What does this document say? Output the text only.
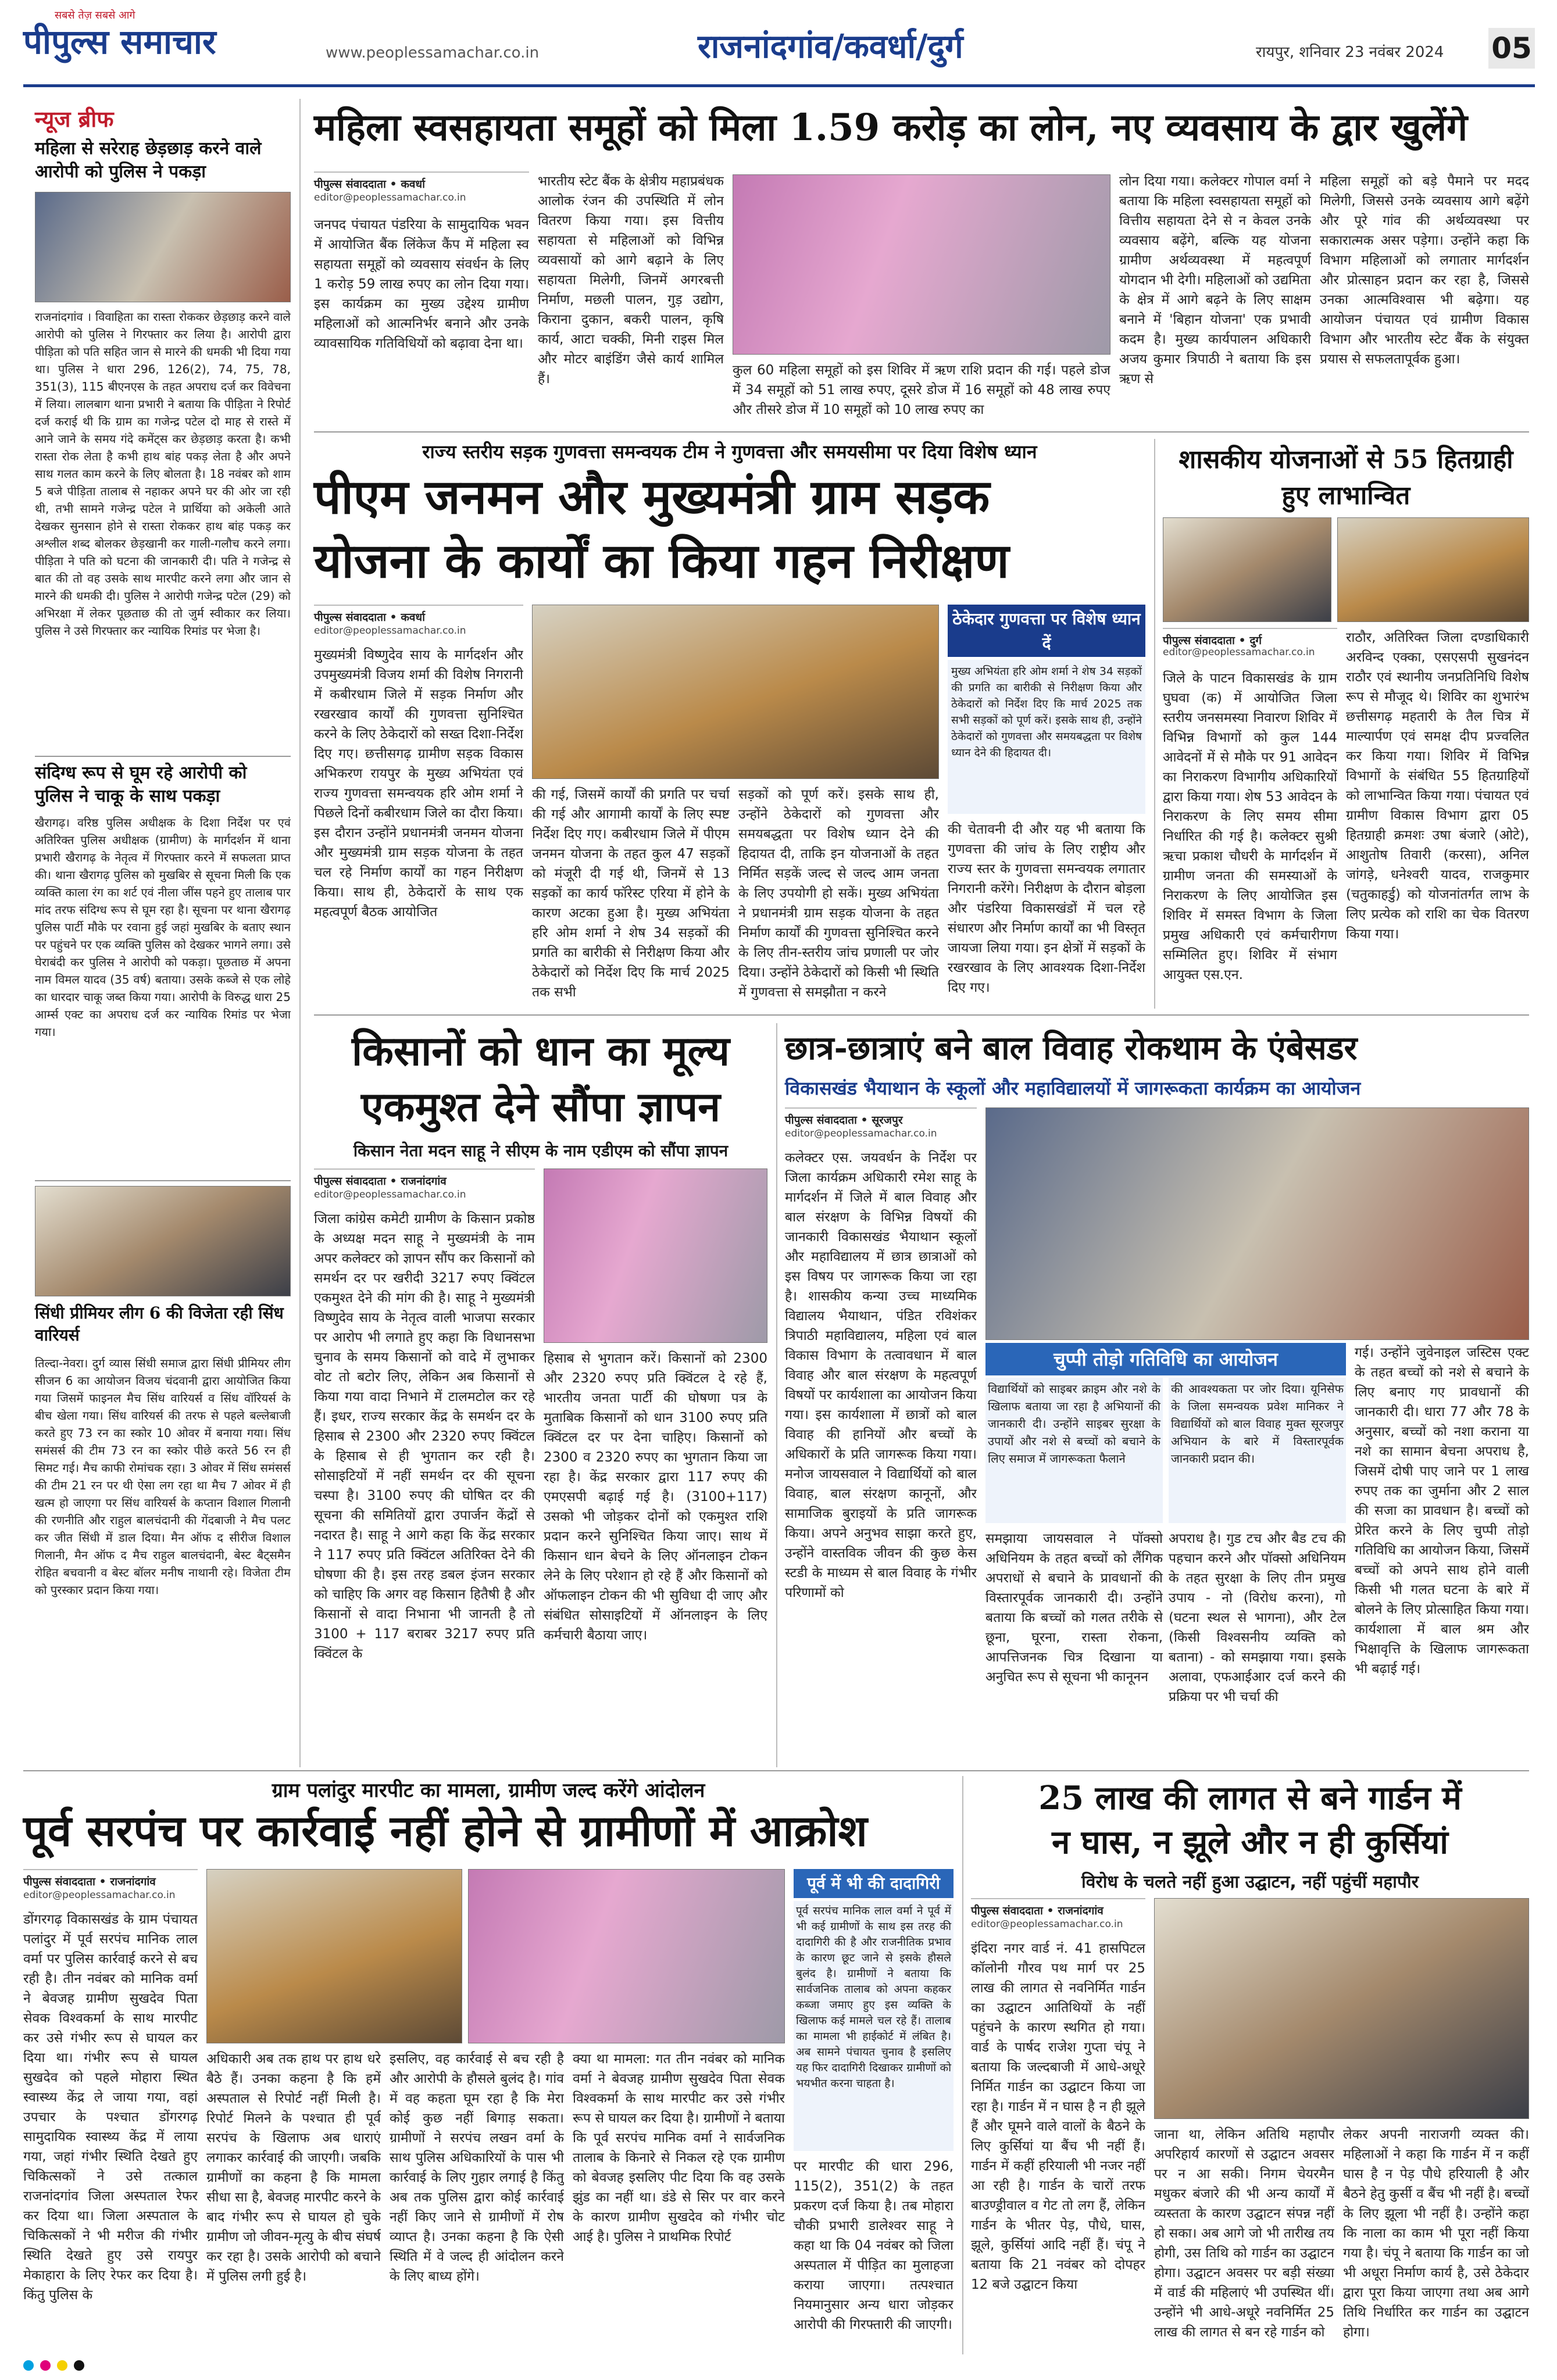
सबसे तेज़ सबसे आगे
पीपुल्स समाचार	www.peoplessamachar.co.in	राजनांदगांव/कवर्धा/दुर्ग	रायपुर, शनिवार 23 नवंबर 2024 05
न्यूज ब्रीफ
महिला से सरेराह छेड़छाड़ करने वाले आरोपी को पुलिस ने पकड़ा
राजनांदगांव । विवाहिता का रास्ता रोककर छेड़छाड़ करने वाले आरोपी को पुलिस ने गिरफ्तार कर लिया है। आरोपी द्वारा पीड़िता को पति सहित जान से मारने की धमकी भी दिया गया था। पुलिस ने धारा 296, 126(2), 74, 75, 78, 351(3), 115 बीएनएस के तहत अपराध दर्ज कर विवेचना में लिया। लालबाग थाना प्रभारी ने बताया कि पीड़िता ने रिपोर्ट दर्ज कराई थी कि ग्राम का गजेन्द्र पटेल दो माह से रास्ते में आने जाने के समय गंदे कमेंट्स कर छेड़छाड़ करता है। कभी रास्ता रोक लेता है कभी हाथ बांह पकड़ लेता है और अपने साथ गलत काम करने के लिए बोलता है। 18 नवंबर को शाम 5 बजे पीड़िता तालाब से नहाकर अपने घर की ओर जा रही थी, तभी सामने गजेन्द्र पटेल ने प्रार्थिया को अकेली आते देखकर सुनसान होने से रास्ता रोककर हाथ बांह पकड़ कर अश्लील शब्द बोलकर छेड़खानी कर गाली-गलौच करने लगा। पीड़िता ने पति को घटना की जानकारी दी। पति ने गजेन्द्र से बात की तो वह उसके साथ मारपीट करने लगा और जान से मारने की धमकी दी। पुलिस ने आरोपी गजेन्द्र पटेल (29) को अभिरक्षा में लेकर पूछताछ की तो जुर्म स्वीकार कर लिया। पुलिस ने उसे गिरफ्तार कर न्यायिक रिमांड पर भेजा है।
संदिग्ध रूप से घूम रहे आरोपी को पुलिस ने चाकू के साथ पकड़ा
खैरागढ़। वरिष्ठ पुलिस अधीक्षक के दिशा निर्देश पर एवं अतिरिक्त पुलिस अधीक्षक (ग्रामीण) के मार्गदर्शन में थाना प्रभारी खैरागढ़ के नेतृत्व में गिरफ्तार करने में सफलता प्राप्त की। थाना खैरागढ़ पुलिस को मुखबिर से सूचना मिली कि एक व्यक्ति काला रंग का शर्ट एवं नीला जींस पहने हुए तालाब पार मांद तरफ संदिग्ध रूप से घूम रहा है। सूचना पर थाना खैरागढ़ पुलिस पार्टी मौके पर रवाना हुई जहां मुखबिर के बताए स्थान पर पहुंचने पर एक व्यक्ति पुलिस को देखकर भागने लगा। उसे घेराबंदी कर पुलिस ने आरोपी को पकड़ा। पूछताछ में अपना नाम विमल यादव (35 वर्ष) बताया। उसके कब्जे से एक लोहे का धारदार चाकू जब्त किया गया। आरोपी के विरुद्ध धारा 25 आर्म्स एक्ट का अपराध दर्ज कर न्यायिक रिमांड पर भेजा गया।
सिंधी प्रीमियर लीग 6 की विजेता रही सिंध वारियर्स
तिल्दा-नेवरा। दुर्ग व्यास सिंधी समाज द्वारा सिंधी प्रीमियर लीग सीजन 6 का आयोजन विजय चंदवानी द्वारा आयोजित किया गया जिसमें फाइनल मैच सिंध वारियर्स व सिंध वॉरियर्स के बीच खेला गया। सिंध वारियर्स की तरफ से पहले बल्लेबाजी करते हुए 73 रन का स्कोर 10 ओवर में बनाया गया। सिंध समंसर्स की टीम 73 रन का स्कोर पीछे करते 56 रन ही सिमट गई। मैच काफी रोमांचक रहा। 3 ओवर में सिंध समंसर्स की टीम 21 रन पर थी ऐसा लग रहा था मैच 7 ओवर में ही खत्म हो जाएगा पर सिंध वारियर्स के कप्तान विशाल गिलानी की रणनीति और राहुल बालचंदानी की गेंदबाजी ने मैच पलट कर जीत सिंधी में डाल दिया। मैन ऑफ द सीरीज विशाल गिलानी, मैन ऑफ द मैच राहुल बालचंदानी, बेस्ट बैट्समैन रोहित बचवानी व बेस्ट बॉलर मनीष नाथानी रहे। विजेता टीम को पुरस्कार प्रदान किया गया।
महिला स्वसहायता समूहों को मिला 1.59 करोड़ का लोन, नए व्यवसाय के द्वार खुलेंगे
पीपुल्स संवाददाता • कवर्धा
editor@peoplessamachar.co.in
जनपद पंचायत पंडरिया के सामुदायिक भवन में आयोजित बैंक लिंकेज कैंप में महिला स्व सहायता समूहों को व्यवसाय संवर्धन के लिए 1 करोड़ 59 लाख रुपए का लोन दिया गया। इस कार्यक्रम का मुख्य उद्देश्य ग्रामीण महिलाओं को आत्मनिर्भर बनाने और उनके व्यावसायिक गतिविधियों को बढ़ावा देना था।
भारतीय स्टेट बैंक के क्षेत्रीय महाप्रबंधक आलोक रंजन की उपस्थिति में लोन वितरण किया गया। इस वित्तीय सहायता से महिलाओं को विभिन्न व्यवसायों को आगे बढ़ाने के लिए सहायता मिलेगी, जिनमें अगरबत्ती निर्माण, मछली पालन, गुड़ उद्योग, किराना दुकान, बकरी पालन, कृषि कार्य, आटा चक्की, मिनी राइस मिल और मोटर बाइंडिंग जैसे कार्य शामिल हैं।
कुल 60 महिला समूहों को इस शिविर में ऋण राशि प्रदान की गई। पहले डोज में 34 समूहों को 51 लाख रुपए, दूसरे डोज में 16 समूहों को 48 लाख रुपए और तीसरे डोज में 10 समूहों को 10 लाख रुपए का
लोन दिया गया। कलेक्टर गोपाल वर्मा ने बताया कि महिला स्वसहायता समूहों को वित्तीय सहायता देने से न केवल उनके व्यवसाय बढ़ेंगे, बल्कि यह योजना ग्रामीण अर्थव्यवस्था में महत्वपूर्ण योगदान भी देगी। महिलाओं को उद्यमिता के क्षेत्र में आगे बढ़ने के लिए साक्षम बनाने में 'बिहान योजना' एक प्रभावी कदम है। मुख्य कार्यपालन अधिकारी अजय कुमार त्रिपाठी ने बताया कि इस ऋण से
महिला समूहों को बड़े पैमाने पर मदद मिलेगी, जिससे उनके व्यवसाय आगे बढ़ेंगे और पूरे गांव की अर्थव्यवस्था पर सकारात्मक असर पड़ेगा। उन्होंने कहा कि विभाग महिलाओं को लगातार मार्गदर्शन और प्रोत्साहन प्रदान कर रहा है, जिससे उनका आत्मविश्वास भी बढ़ेगा। यह आयोजन पंचायत एवं ग्रामीण विकास विभाग और भारतीय स्टेट बैंक के संयुक्त प्रयास से सफलतापूर्वक हुआ।
राज्य स्तरीय सड़क गुणवत्ता समन्वयक टीम ने गुणवत्ता और समयसीमा पर दिया विशेष ध्यान
पीएम जनमन और मुख्यमंत्री ग्राम सड़क
योजना के कार्यों का किया गहन निरीक्षण
पीपुल्स संवाददाता • कवर्धा
editor@peoplessamachar.co.in
मुख्यमंत्री विष्णुदेव साय के मार्गदर्शन और उपमुख्यमंत्री विजय शर्मा की विशेष निगरानी में कबीरधाम जिले में सड़क निर्माण और रखरखाव कार्यों की गुणवत्ता सुनिश्चित करने के लिए ठेकेदारों को सख्त दिशा-निर्देश दिए गए। छत्तीसगढ़ ग्रामीण सड़क विकास अभिकरण रायपुर के मुख्य अभियंता एवं राज्य गुणवत्ता समन्वयक हरि ओम शर्मा ने पिछले दिनों कबीरधाम जिले का दौरा किया। इस दौरान उन्होंने प्रधानमंत्री जनमन योजना और मुख्यमंत्री ग्राम सड़क योजना के तहत चल रहे निर्माण कार्यों का गहन निरीक्षण किया। साथ ही, ठेकेदारों के साथ एक महत्वपूर्ण बैठक आयोजित
की गई, जिसमें कार्यों की प्रगति पर चर्चा की गई और आगामी कार्यों के लिए स्पष्ट निर्देश दिए गए। कबीरधाम जिले में पीएम जनमन योजना के तहत कुल 47 सड़कों को मंजूरी दी गई थी, जिनमें से 13 सड़कों का कार्य फॉरेस्ट एरिया में होने के कारण अटका हुआ है। मुख्य अभियंता हरि ओम शर्मा ने शेष 34 सड़कों की प्रगति का बारीकी से निरीक्षण किया और ठेकेदारों को निर्देश दिए कि मार्च 2025 तक सभी
सड़कों को पूर्ण करें। इसके साथ ही, उन्होंने ठेकेदारों को गुणवत्ता और समयबद्धता पर विशेष ध्यान देने की हिदायत दी, ताकि इन योजनाओं के तहत निर्मित सड़कें जल्द से जल्द आम जनता के लिए उपयोगी हो सकें। मुख्य अभियंता ने प्रधानमंत्री ग्राम सड़क योजना के तहत निर्माण कार्यों की गुणवत्ता सुनिश्चित करने के लिए तीन-स्तरीय जांच प्रणाली पर जोर दिया। उन्होंने ठेकेदारों को किसी भी स्थिति में गुणवत्ता से समझौता न करने
ठेकेदार गुणवत्ता पर विशेष ध्यान दें
मुख्य अभियंता हरि ओम शर्मा ने शेष 34 सड़कों की प्रगति का बारीकी से निरीक्षण किया और ठेकेदारों को निर्देश दिए कि मार्च 2025 तक सभी सड़कों को पूर्ण करें। इसके साथ ही, उन्होंने ठेकेदारों को गुणवत्ता और समयबद्धता पर विशेष ध्यान देने की हिदायत दी।
की चेतावनी दी और यह भी बताया कि गुणवत्ता की जांच के लिए राष्ट्रीय और राज्य स्तर के गुणवत्ता समन्वयक लगातार निगरानी करेंगे। निरीक्षण के दौरान बोड़ला और पंडरिया विकासखंडों में चल रहे संधारण और निर्माण कार्यों का भी विस्तृत जायजा लिया गया। इन क्षेत्रों में सड़कों के रखरखाव के लिए आवश्यक दिशा-निर्देश दिए गए।
शासकीय योजनाओं से 55 हितग्राही हुए लाभान्वित
पीपुल्स संवाददाता • दुर्ग
editor@peoplessamachar.co.in
जिले के पाटन विकासखंड के ग्राम घुघवा (क) में आयोजित जिला स्तरीय जनसमस्या निवारण शिविर में विभिन्न विभागों को कुल 144 आवेदनों में से मौके पर 91 आवेदन का निराकरण विभागीय अधिकारियों द्वारा किया गया। शेष 53 आवेदन के निराकरण के लिए समय सीमा निर्धारित की गई है। कलेक्टर सुश्री ऋचा प्रकाश चौधरी के मार्गदर्शन में ग्रामीण जनता की समस्याओं के निराकरण के लिए आयोजित इस शिविर में समस्त विभाग के जिला प्रमुख अधिकारी एवं कर्मचारीगण सम्मिलित हुए। शिविर में संभाग आयुक्त एस.एन.
राठौर, अतिरिक्त जिला दण्डाधिकारी अरविन्द एक्का, एसएसपी सुखनंदन राठौर एवं स्थानीय जनप्रतिनिधि विशेष रूप से मौजूद थे। शिविर का शुभारंभ छत्तीसगढ़ महतारी के तैल चित्र में माल्यार्पण एवं समक्ष दीप प्रज्वलित कर किया गया। शिविर में विभिन्न विभागों के संबंधित 55 हितग्राहियों को लाभान्वित किया गया। पंचायत एवं ग्रामीण विकास विभाग द्वारा 05 हितग्राही क्रमशः उषा बंजारे (ओटे), आशुतोष तिवारी (करसा), अनिल जांगड़े, धनेश्वरी यादव, राजकुमार (चतुकाहर्डु) को योजनांतर्गत लाभ के लिए प्रत्येक को राशि का चेक वितरण किया गया।
किसानों को धान का मूल्य
एकमुश्त देने सौंपा ज्ञापन
किसान नेता मदन साहू ने सीएम के नाम एडीएम को सौंपा ज्ञापन
पीपुल्स संवाददाता • राजनांदगांव
editor@peoplessamachar.co.in
जिला कांग्रेस कमेटी ग्रामीण के किसान प्रकोष्ठ के अध्यक्ष मदन साहू ने मुख्यमंत्री के नाम अपर कलेक्टर को ज्ञापन सौंप कर किसानों को समर्थन दर पर खरीदी 3217 रुपए क्विंटल एकमुश्त देने की मांग की है। साहू ने मुख्यमंत्री विष्णुदेव साय के नेतृत्व वाली भाजपा सरकार पर आरोप भी लगाते हुए कहा कि विधानसभा चुनाव के समय किसानों को वादे में लुभाकर वोट तो बटोर लिए, लेकिन अब किसानों से किया गया वादा निभाने में टालमटोल कर रहे हैं। इधर, राज्य सरकार केंद्र के समर्थन दर के हिसाब से 2300 और 2320 रुपए क्विंटल के हिसाब से ही भुगतान कर रही है। सोसाइटियों में नहीं समर्थन दर की सूचना चस्पा है। 3100 रुपए की घोषित दर की सूचना की समितियों द्वारा उपार्जन केंद्रों से नदारत है। साहू ने आगे कहा कि केंद्र सरकार ने 117 रुपए प्रति क्विंटल अतिरिक्त देने की घोषणा की है। इस तरह डबल इंजन सरकार को चाहिए कि अगर वह किसान हितैषी है और किसानों से वादा निभाना भी जानती है तो 3100 + 117 बराबर 3217 रुपए प्रति क्विंटल के
हिसाब से भुगतान करें। किसानों को 2300 और 2320 रुपए प्रति क्विंटल दे रहे हैं, भारतीय जनता पार्टी की घोषणा पत्र के मुताबिक किसानों को धान 3100 रुपए प्रति क्विंटल दर पर देना चाहिए। किसानों को 2300 व 2320 रुपए का भुगतान किया जा रहा है। केंद्र सरकार द्वारा 117 रुपए की एमएसपी बढ़ाई गई है। (3100+117) उसको भी जोड़कर दोनों को एकमुश्त राशि प्रदान करने सुनिश्चित किया जाए। साथ में किसान धान बेचने के लिए ऑनलाइन टोकन लेने के लिए परेशान हो रहे हैं और किसानों को ऑफलाइन टोकन की भी सुविधा दी जाए और संबंधित सोसाइटियों में ऑनलाइन के लिए कर्मचारी बैठाया जाए।
छात्र-छात्राएं बने बाल विवाह रोकथाम के एंबेसडर
विकासखंड भैयाथान के स्कूलों और महाविद्यालयों में जागरूकता कार्यक्रम का आयोजन
पीपुल्स संवाददाता • सूरजपुर
editor@peoplessamachar.co.in
कलेक्टर एस. जयवर्धन के निर्देश पर जिला कार्यक्रम अधिकारी रमेश साहू के मार्गदर्शन में जिले में बाल विवाह और बाल संरक्षण के विभिन्न विषयों की जानकारी विकासखंड भैयाथान स्कूलों और महाविद्यालय में छात्र छात्राओं को इस विषय पर जागरूक किया जा रहा है। शासकीय कन्या उच्च माध्यमिक विद्यालय भैयाथान, पंडित रविशंकर त्रिपाठी महाविद्यालय, महिला एवं बाल विकास विभाग के तत्वावधान में बाल विवाह और बाल संरक्षण के महत्वपूर्ण विषयों पर कार्यशाला का आयोजन किया गया। इस कार्यशाला में छात्रों को बाल विवाह की हानियों और बच्चों के अधिकारों के प्रति जागरूक किया गया। मनोज जायसवाल ने विद्यार्थियों को बाल विवाह, बाल संरक्षण कानूनों, और सामाजिक बुराइयों के प्रति जागरूक किया। अपने अनुभव साझा करते हुए, उन्होंने वास्तविक जीवन की कुछ केस स्टडी के माध्यम से बाल विवाह के गंभीर परिणामों को
चुप्पी तोड़ो गतिविधि का आयोजन
विद्यार्थियों को साइबर क्राइम और नशे के खिलाफ बताया जा रहा है अभियानों की जानकारी दी। उन्होंने साइबर सुरक्षा के उपायों और नशे से बच्चों को बचाने के लिए समाज में जागरूकता फैलाने
की आवश्यकता पर जोर दिया। यूनिसेफ के जिला समन्वयक प्रवेश मानिकर ने विद्यार्थियों को बाल विवाह मुक्त सूरजपुर अभियान के बारे में विस्तारपूर्वक जानकारी प्रदान की।
समझाया जायसवाल ने पॉक्सो अधिनियम के तहत बच्चों को लैंगिक अपराधों से बचाने के प्रावधानों की विस्तारपूर्वक जानकारी दी। उन्होंने बताया कि बच्चों को गलत तरीके से छूना, घूरना, रास्ता रोकना, आपत्तिजनक चित्र दिखाना या अनुचित रूप से सूचना भी कानूनन
अपराध है। गुड टच और बैड टच की पहचान करने और पॉक्सो अधिनियम के तहत सुरक्षा के लिए तीन प्रमुख उपाय - नो (विरोध करना), गो (घटना स्थल से भागना), और टेल (किसी विश्वसनीय व्यक्ति को बताना) - को समझाया गया। इसके अलावा, एफआईआर दर्ज करने की प्रक्रिया पर भी चर्चा की
गई। उन्होंने जुवेनाइल जस्टिस एक्ट के तहत बच्चों को नशे से बचाने के लिए बनाए गए प्रावधानों की जानकारी दी। धारा 77 और 78 के अनुसार, बच्चों को नशा कराना या नशे का सामान बेचना अपराध है, जिसमें दोषी पाए जाने पर 1 लाख रुपए तक का जुर्माना और 2 साल की सजा का प्रावधान है। बच्चों को प्रेरित करने के लिए चुप्पी तोड़ो गतिविधि का आयोजन किया, जिसमें बच्चों को अपने साथ होने वाली किसी भी गलत घटना के बारे में बोलने के लिए प्रोत्साहित किया गया। कार्यशाला में बाल श्रम और भिक्षावृत्ति के खिलाफ जागरूकता भी बढ़ाई गई।
ग्राम पलांदुर मारपीट का मामला, ग्रामीण जल्द करेंगे आंदोलन
पूर्व सरपंच पर कार्रवाई नहीं होने से ग्रामीणों में आक्रोश
पीपुल्स संवाददाता • राजनांदगांव
editor@peoplessamachar.co.in
डोंगरगढ़ विकासखंड के ग्राम पंचायत पलांदुर में पूर्व सरपंच मानिक लाल वर्मा पर पुलिस कार्रवाई करने से बच रही है। तीन नवंबर को मानिक वर्मा ने बेवजह ग्रामीण सुखदेव पिता सेवक विश्वकर्मा के साथ मारपीट कर उसे गंभीर रूप से घायल कर दिया था। गंभीर रूप से घायल सुखदेव को पहले मोहारा स्थित स्वास्थ्य केंद्र ले जाया गया, वहां उपचार के पश्चात डोंगरगढ़ सामुदायिक स्वास्थ्य केंद्र में लाया गया, जहां गंभीर स्थिति देखते हुए चिकित्सकों ने उसे तत्काल राजनांदगांव जिला अस्पताल रेफर कर दिया था। जिला अस्पताल के चिकित्सकों ने भी मरीज की गंभीर स्थिति देखते हुए उसे रायपुर मेकाहारा के लिए रेफर कर दिया है। किंतु पुलिस के
अधिकारी अब तक हाथ पर हाथ धरे बैठे हैं। उनका कहना है कि हमें अस्पताल से रिपोर्ट नहीं मिली है। रिपोर्ट मिलने के पश्चात ही पूर्व सरपंच के खिलाफ अब धाराएं लगाकर कार्रवाई की जाएगी। जबकि ग्रामीणों का कहना है कि मामला सीधा सा है, बेवजह मारपीट करने के बाद गंभीर रूप से घायल हो चुके ग्रामीण जो जीवन-मृत्यु के बीच संघर्ष कर रहा है। उसके आरोपी को बचाने में पुलिस लगी हुई है।
इसलिए, वह कार्रवाई से बच रही है और आरोपी के हौसले बुलंद है। गांव में वह कहता घूम रहा है कि मेरा कोई कुछ नहीं बिगाड़ सकता। ग्रामीणों ने सरपंच लखन वर्मा के साथ पुलिस अधिकारियों के पास भी कार्रवाई के लिए गुहार लगाई है किंतु अब तक पुलिस द्वारा कोई कार्रवाई नहीं किए जाने से ग्रामीणों में रोष व्याप्त है। उनका कहना है कि ऐसी स्थिति में वे जल्द ही आंदोलन करने के लिए बाध्य होंगे।
क्या था मामला: गत तीन नवंबर को मानिक वर्मा ने बेवजह ग्रामीण सुखदेव पिता सेवक विश्वकर्मा के साथ मारपीट कर उसे गंभीर रूप से घायल कर दिया है। ग्रामीणों ने बताया कि पूर्व सरपंच मानिक वर्मा ने सार्वजनिक तालाब के किनारे से निकल रहे एक ग्रामीण को बेवजह इसलिए पीट दिया कि वह उसके झुंड का नहीं था। डंडे से सिर पर वार करने के कारण ग्रामीण सुखदेव को गंभीर चोट आई है। पुलिस ने प्राथमिक रिपोर्ट
पूर्व में भी की दादागिरी
पूर्व सरपंच मानिक लाल वर्मा ने पूर्व में भी कई ग्रामीणों के साथ इस तरह की दादागिरी की है और राजनीतिक प्रभाव के कारण छूट जाने से इसके हौसले बुलंद है। ग्रामीणों ने बताया कि सार्वजनिक तालाब को अपना कहकर कब्जा जमाए हुए इस व्यक्ति के खिलाफ कई मामले चल रहे हैं। तालाब का मामला भी हाईकोर्ट में लंबित है। अब सामने पंचायत चुनाव है इसलिए यह फिर दादागिरी दिखाकर ग्रामीणों को भयभीत करना चाहता है।
पर मारपीट की धारा 296, 115(2), 351(2) के तहत प्रकरण दर्ज किया है। तब मोहारा चौकी प्रभारी डालेश्वर साहू ने कहा था कि 04 नवंबर को जिला अस्पताल में पीड़ित का मुलाहजा कराया जाएगा। तत्पश्चात नियमानुसार अन्य धारा जोड़कर आरोपी की गिरफ्तारी की जाएगी।
25 लाख की लागत से बने गार्डन में
न घास, न झूले और न ही कुर्सियां
विरोध के चलते नहीं हुआ उद्घाटन, नहीं पहुंचीं महापौर
पीपुल्स संवाददाता • राजनांदगांव
editor@peoplessamachar.co.in
इंदिरा नगर वार्ड नं. 41 हासपिटल कॉलोनी गौरव पथ मार्ग पर 25 लाख की लागत से नवनिर्मित गार्डन का उद्घाटन आतिथियों के नहीं पहुंचने के कारण स्थगित हो गया। वार्ड के पार्षद राजेश गुप्ता चंपू ने बताया कि जल्दबाजी में आधे-अधूरे निर्मित गार्डन का उद्घाटन किया जा रहा है। गार्डन में न घास है न ही झूले हैं और घूमने वाले वालों के बैठने के लिए कुर्सियां या बैंच भी नहीं हैं। गार्डन में कहीं हरियाली भी नजर नहीं आ रही है। गार्डन के चारों तरफ बाउण्ड्रीवाल व गेट तो लग हैं, लेकिन गार्डन के भीतर पेड़, पौधे, घास, झूले, कुर्सियां आदि नहीं हैं। चंपू ने बताया कि 21 नवंबर को दोपहर 12 बजे उद्घाटन किया
जाना था, लेकिन अतिथि महापौर अपरिहार्य कारणों से उद्घाटन अवसर पर न आ सकी। निगम चेयरमैन मधुकर बंजारे की भी अन्य कार्यों में व्यस्तता के कारण उद्घाटन संपन्न नहीं हो सका। अब आगे जो भी तारीख तय होगी, उस तिथि को गार्डन का उद्घाटन होगा। उद्घाटन अवसर पर बड़ी संख्या में वार्ड की महिलाएं भी उपस्थित थीं। उन्होंने भी आधे-अधूरे नवनिर्मित 25 लाख की लागत से बन रहे गार्डन को
लेकर अपनी नाराजगी व्यक्त की। महिलाओं ने कहा कि गार्डन में न कहीं घास है न पेड़ पौधे हरियाली है और बैठने हेतु कुर्सी व बैंच भी नहीं है। बच्चों के लिए झूला भी नहीं है। उन्होंने कहा कि नाला का काम भी पूरा नहीं किया गया है। चंपू ने बताया कि गार्डन का जो भी अधूरा निर्माण कार्य है, उसे ठेकेदार द्वारा पूरा किया जाएगा तथा अब आगे तिथि निर्धारित कर गार्डन का उद्घाटन होगा।
